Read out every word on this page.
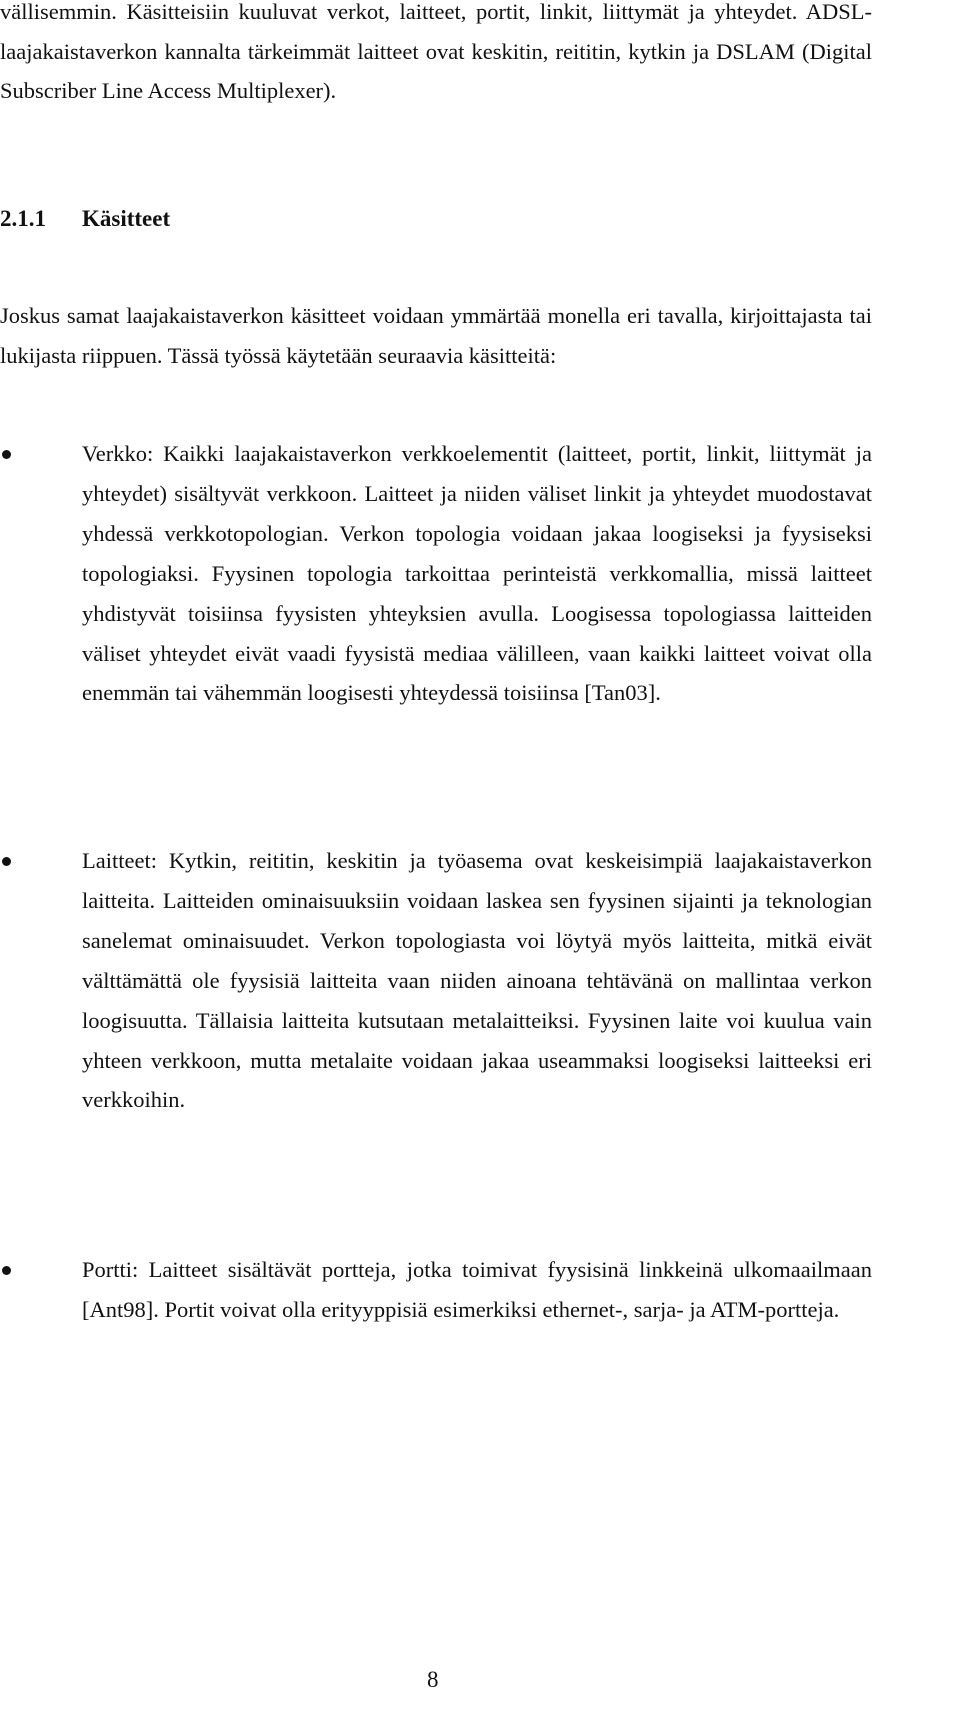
vällisemmin. Käsitteisiin kuuluvat verkot, laitteet, portit, linkit, liittymät ja yhteydet. ADSL-laajakaistaverkon kannalta tärkeimmät laitteet ovat keskitin, reititin, kytkin ja DSLAM (Digital Subscriber Line Access Multiplexer).

2.1.1 Käsitteet

Joskus samat laajakaistaverkon käsitteet voidaan ymmärtää monella eri tavalla, kirjoittajasta tai lukijasta riippuen. Tässä työssä käytetään seuraavia käsitteitä:

Verkko: Kaikki laajakaistaverkon verkkoelementit (laitteet, portit, linkit, liittymät ja yhteydet) sisältyvät verkkoon. Laitteet ja niiden väliset linkit ja yhteydet muodostavat yhdessä verkkotopologian. Verkon topologia voidaan jakaa loogiseksi ja fyysiseksi topologiaksi. Fyysinen topologia tarkoittaa perinteistä verkkomallia, missä laitteet yhdistyvät toisiinsa fyysisten yhteyksien avulla. Loogisessa topologiassa laitteiden väliset yhteydet eivät vaadi fyysistä mediaa välilleen, vaan kaikki laitteet voivat olla enemmän tai vähemmän loogisesti yhteydessä toisiinsa [Tan03].

Laitteet: Kytkin, reititin, keskitin ja työasema ovat keskeisimpiä laajakaistaverkon laitteita. Laitteiden ominaisuuksiin voidaan laskea sen fyysinen sijainti ja teknologian sanelemat ominaisuudet. Verkon topologiasta voi löytyä myös laitteita, mitkä eivät välttämättä ole fyysisiä laitteita vaan niiden ainoana tehtävänä on mallintaa verkon loogisuutta. Tällaisia laitteita kutsutaan metalaitteiksi. Fyysinen laite voi kuulua vain yhteen verkkoon, mutta metalaite voidaan jakaa useammaksi loogiseksi laitteeksi eri verkkoihin.

Portti: Laitteet sisältävät portteja, jotka toimivat fyysisinä linkkeinä ulkomaailmaan [Ant98]. Portit voivat olla erityyppisiä esimerkiksi ethernet-, sarja- ja ATM-portteja.

8
